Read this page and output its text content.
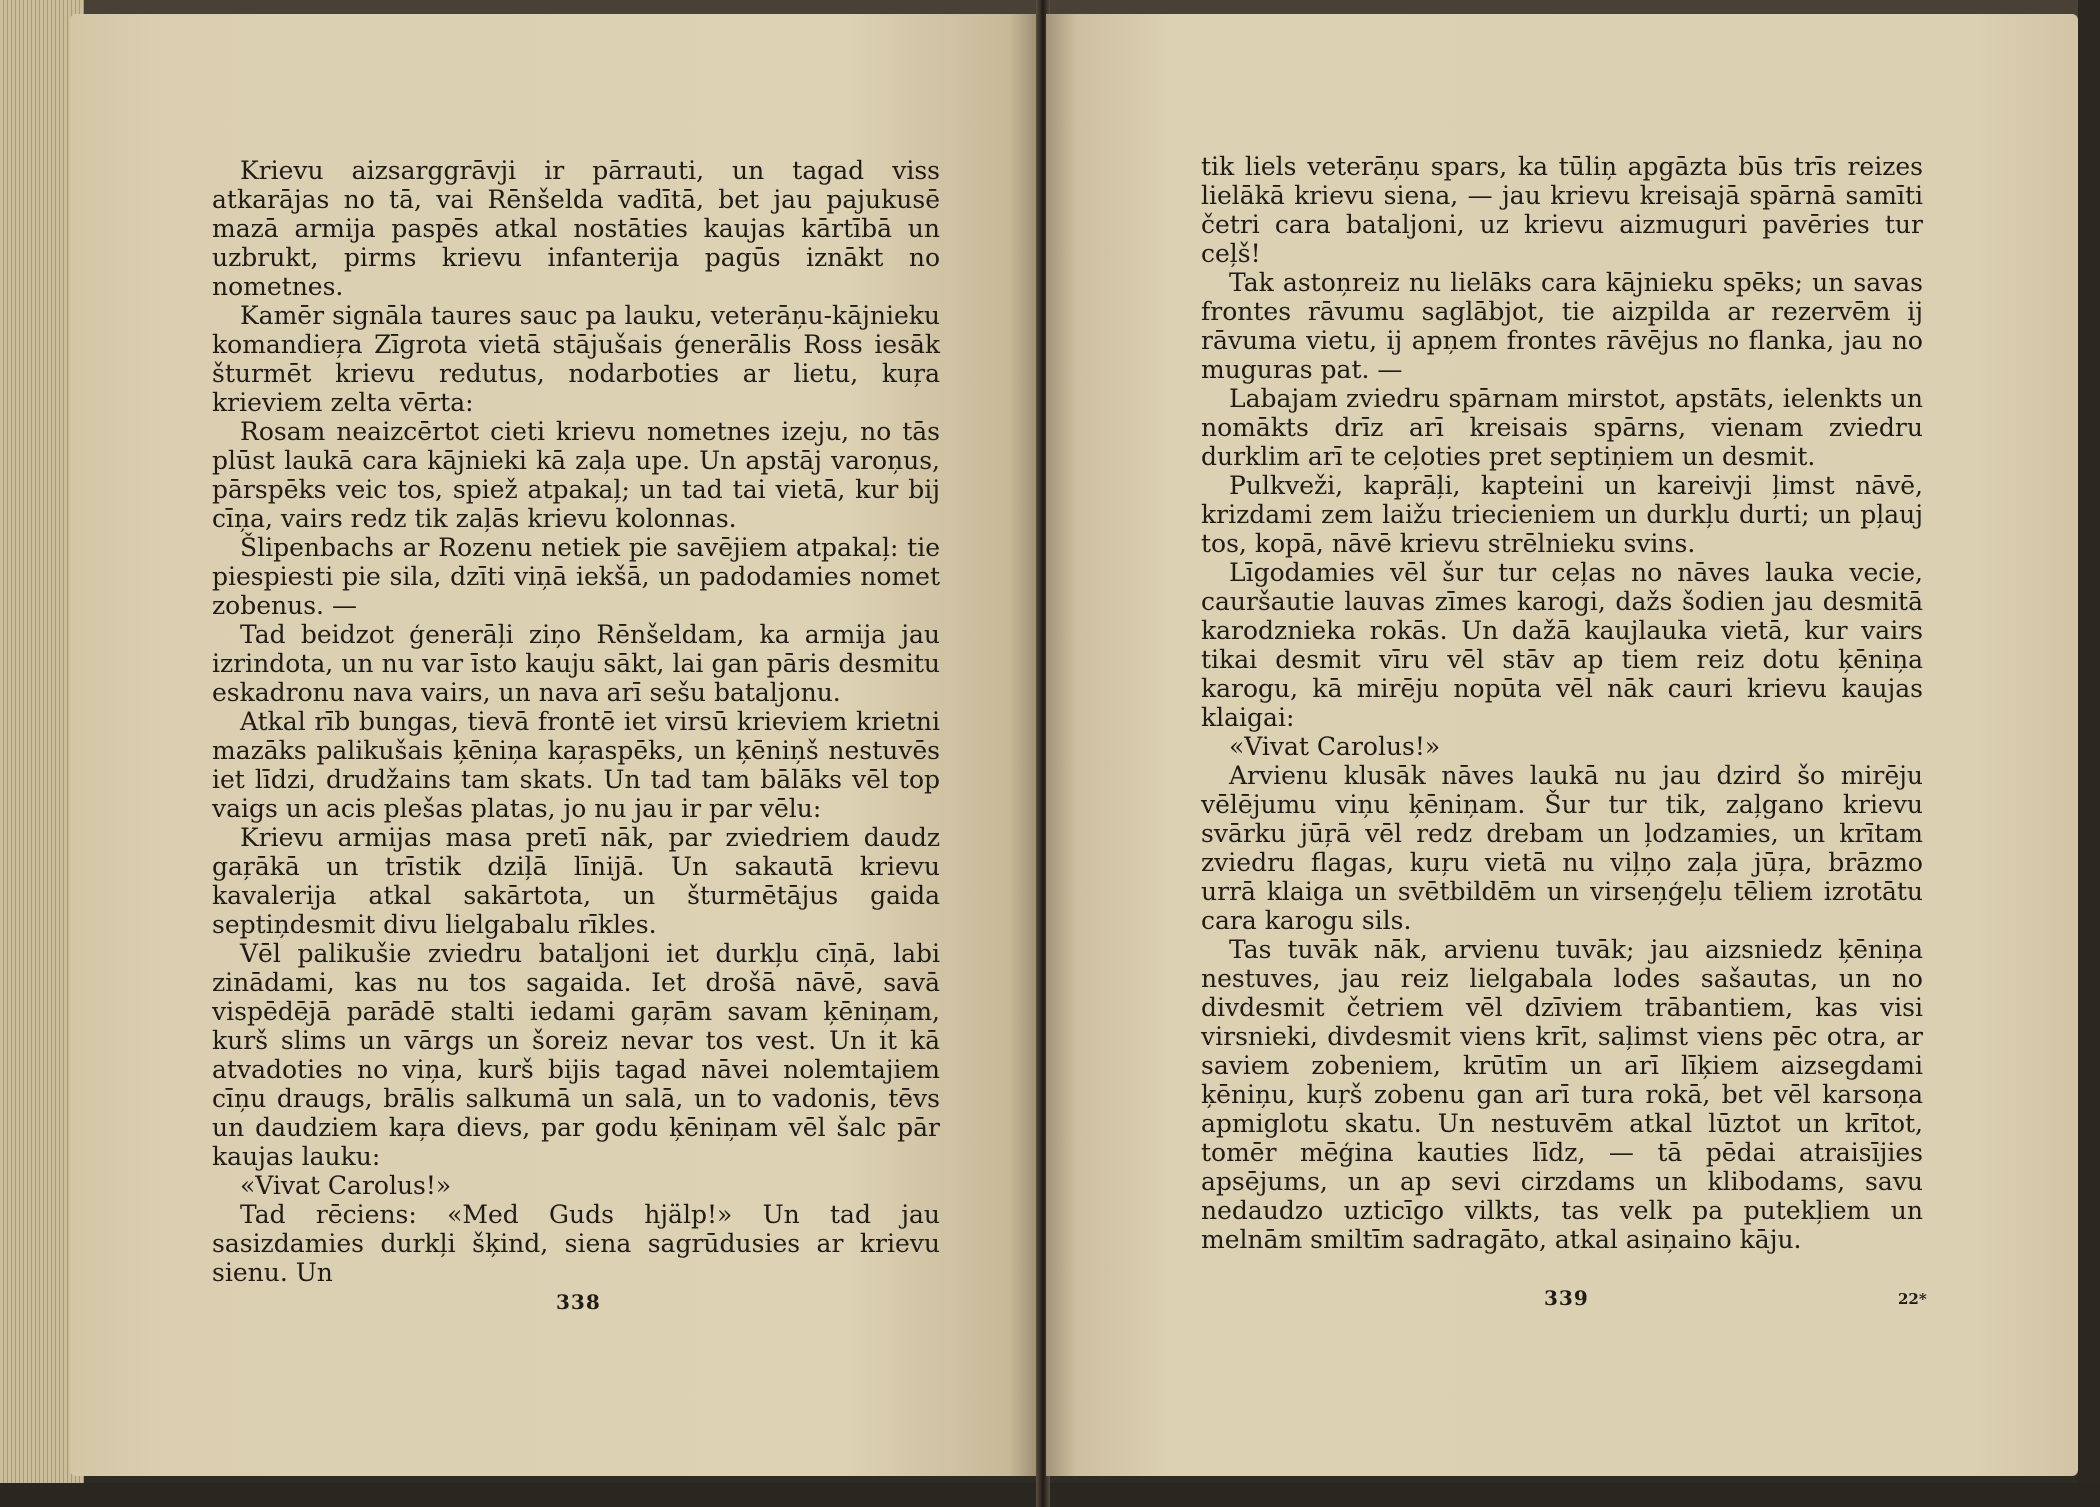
Krievu aizsarggrāvji ir pārrauti, un tagad viss atkarājas no tā, vai Rēnšelda vadītā, bet jau pajukusē mazā armija paspēs atkal nostāties kaujas kārtībā un uzbrukt, pirms krievu infanterija pagūs iznākt no nometnes.

Kamēr signāla taures sauc pa lauku, veterāņu-kājnieku komandieŗa Zīgrota vietā stājušais ģenerālis Ross iesāk šturmēt krievu redutus, nodarboties ar lietu, kuŗa krieviem zelta vērta:

Rosam neaizcērtot cieti krievu nometnes izeju, no tās plūst laukā cara kājnieki kā zaļa upe. Un apstāj varoņus, pārspēks veic tos, spiež atpakaļ; un tad tai vietā, kur bij cīņa, vairs redz tik zaļās krievu kolonnas.

Šlipenbachs ar Rozenu netiek pie savējiem atpakaļ: tie piespiesti pie sila, dzīti viņā iekšā, un padodamies nomet zobenus. —

Tad beidzot ģenerāļi ziņo Rēnšeldam, ka armija jau izrindota, un nu var īsto kauju sākt, lai gan pāris desmitu eskadronu nava vairs, un nava arī sešu bataljonu.

Atkal rīb bungas, tievā frontē iet virsū krieviem krietni mazāks palikušais ķēniņa kaŗaspēks, un ķēniņš nestuvēs iet līdzi, drudžains tam skats. Un tad tam bālāks vēl top vaigs un acis plešas platas, jo nu jau ir par vēlu:

Krievu armijas masa pretī nāk, par zviedriem daudz gaŗākā un trīstik dziļā līnijā. Un sakautā krievu kavalerija atkal sakārtota, un šturmētājus gaida septiņdesmit divu lielgabalu rīkles.

Vēl palikušie zviedru bataljoni iet durkļu cīņā, labi zinādami, kas nu tos sagaida. Iet drošā nāvē, savā vispēdējā parādē stalti iedami gaŗām savam ķēniņam, kurš slims un vārgs un šoreiz nevar tos vest. Un it kā atvadoties no viņa, kurš bijis tagad nāvei nolemtajiem cīņu draugs, brālis salkumā un salā, un to vadonis, tēvs un daudziem kaŗa dievs, par godu ķēniņam vēl šalc pār kaujas lauku:

«Vivat Carolus!»

Tad rēciens: «Med Guds hjälp!» Un tad jau sasizdamies durkļi šķind, siena sagrūdusies ar krievu sienu. Un

338

tik liels veterāņu spars, ka tūliņ apgāzta būs trīs reizes lielākā krievu siena, — jau krievu kreisajā spārnā samīti četri cara bataljoni, uz krievu aizmuguri pavēries tur ceļš!

Tak astoņreiz nu lielāks cara kājnieku spēks; un savas frontes rāvumu saglābjot, tie aizpilda ar rezervēm ij rāvuma vietu, ij apņem frontes rāvējus no flanka, jau no muguras pat. —

Labajam zviedru spārnam mirstot, apstāts, ielenkts un nomākts drīz arī kreisais spārns, vienam zviedru durklim arī te ceļoties pret septiņiem un desmit.

Pulkveži, kaprāļi, kapteini un kareivji ļimst nāvē, krizdami zem laižu triecieniem un durkļu durti; un pļauj tos, kopā, nāvē krievu strēlnieku svins.

Līgodamies vēl šur tur ceļas no nāves lauka vecie, cauršautie lauvas zīmes karogi, dažs šodien jau desmitā karodznieka rokās. Un dažā kaujlauka vietā, kur vairs tikai desmit vīru vēl stāv ap tiem reiz dotu ķēniņa karogu, kā mirēju nopūta vēl nāk cauri krievu kaujas klaigai:

«Vivat Carolus!»

Arvienu klusāk nāves laukā nu jau dzird šo mirēju vēlējumu viņu ķēniņam. Šur tur tik, zaļgano krievu svārku jūŗā vēl redz drebam un ļodzamies, un krītam zviedru flagas, kuŗu vietā nu viļņo zaļa jūŗa, brāzmo urrā klaiga un svētbildēm un virseņģeļu tēliem izrotātu cara karogu sils.

Tas tuvāk nāk, arvienu tuvāk; jau aizsniedz ķēniņa nestuves, jau reiz lielgabala lodes sašautas, un no divdesmit četriem vēl dzīviem trābantiem, kas visi virsnieki, divdesmit viens krīt, saļimst viens pēc otra, ar saviem zobeniem, krūtīm un arī līķiem aizsegdami ķēniņu, kuŗš zobenu gan arī tura rokā, bet vēl karsoņa apmiglotu skatu. Un nestuvēm atkal lūztot un krītot, tomēr mēģina kauties līdz, — tā pēdai atraisījies apsējums, un ap sevi cirzdams un klibodams, savu nedaudzo uzticīgo vilkts, tas velk pa putekļiem un melnām smiltīm sadragāto, atkal asiņaino kāju.

339	22*
